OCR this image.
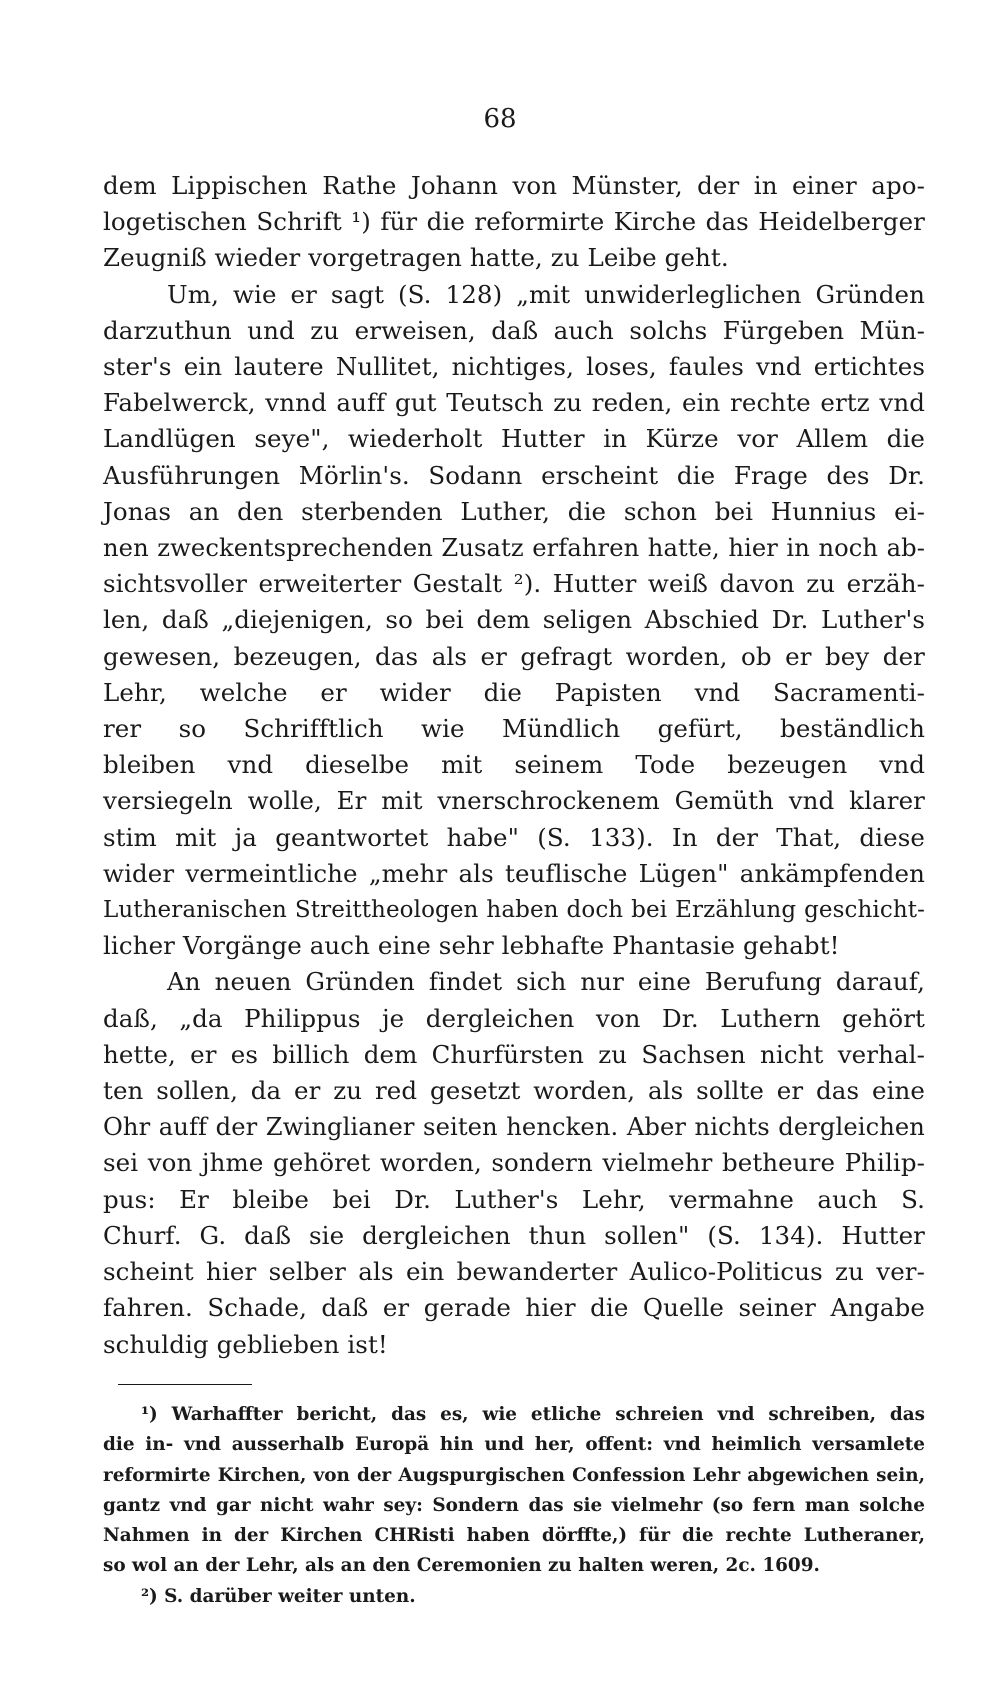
68
dem Lippischen Rathe Johann von Münster, der in einer apo-
logetischen Schrift ¹) für die reformirte Kirche das Heidelberger
Zeugniß wieder vorgetragen hatte, zu Leibe geht.
Um, wie er sagt (S. 128) „mit unwiderleglichen Gründen
darzuthun und zu erweisen, daß auch solchs Fürgeben Mün-
ster's ein lautere Nullitet, nichtiges, loses, faules vnd ertichtes
Fabelwerck, vnnd auff gut Teutsch zu reden, ein rechte ertz vnd
Landlügen seye", wiederholt Hutter in Kürze vor Allem die
Ausführungen Mörlin's. Sodann erscheint die Frage des Dr.
Jonas an den sterbenden Luther, die schon bei Hunnius ei-
nen zweckentsprechenden Zusatz erfahren hatte, hier in noch ab-
sichtsvoller erweiterter Gestalt ²). Hutter weiß davon zu erzäh-
len, daß „diejenigen, so bei dem seligen Abschied Dr. Luther's
gewesen, bezeugen, das als er gefragt worden, ob er bey der
Lehr, welche er wider die Papisten vnd Sacramenti-
rer so Schrifftlich wie Mündlich gefürt, beständlich
bleiben vnd dieselbe mit seinem Tode bezeugen vnd
versiegeln wolle, Er mit vnerschrockenem Gemüth vnd klarer
stim mit ja geantwortet habe" (S. 133). In der That, diese
wider vermeintliche „mehr als teuflische Lügen" ankämpfenden
Lutheranischen Streittheologen haben doch bei Erzählung geschicht-
licher Vorgänge auch eine sehr lebhafte Phantasie gehabt!
An neuen Gründen findet sich nur eine Berufung darauf,
daß, „da Philippus je dergleichen von Dr. Luthern gehört
hette, er es billich dem Churfürsten zu Sachsen nicht verhal-
ten sollen, da er zu red gesetzt worden, als sollte er das eine
Ohr auff der Zwinglianer seiten hencken. Aber nichts dergleichen
sei von jhme gehöret worden, sondern vielmehr betheure Philip-
pus: Er bleibe bei Dr. Luther's Lehr, vermahne auch S.
Churf. G. daß sie dergleichen thun sollen" (S. 134). Hutter
scheint hier selber als ein bewanderter Aulico-Politicus zu ver-
fahren. Schade, daß er gerade hier die Quelle seiner Angabe
schuldig geblieben ist!
¹) Warhaffter bericht, das es, wie etliche schreien vnd schreiben, das
die in- vnd ausserhalb Europä hin und her, offent: vnd heimlich versamlete
reformirte Kirchen, von der Augspurgischen Confession Lehr abgewichen sein,
gantz vnd gar nicht wahr sey: Sondern das sie vielmehr (so fern man solche
Nahmen in der Kirchen CHRisti haben dörffte,) für die rechte Lutheraner,
so wol an der Lehr, als an den Ceremonien zu halten weren, 2c. 1609.
²) S. darüber weiter unten.
